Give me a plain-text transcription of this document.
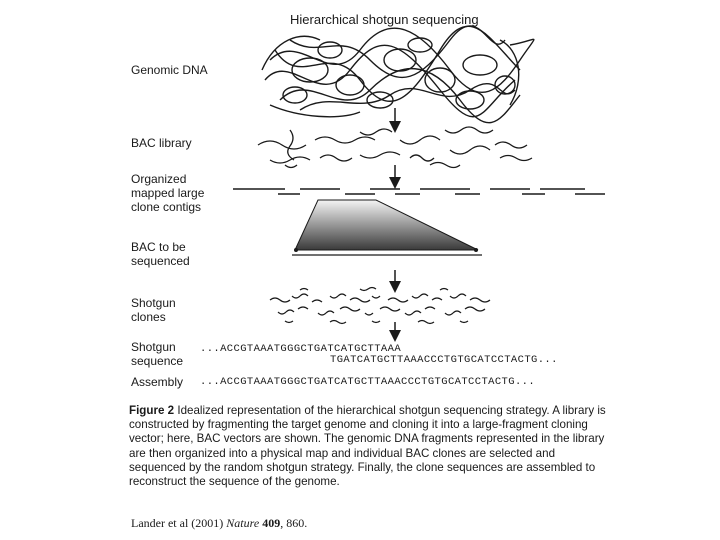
Hierarchical shotgun sequencing
Genomic DNA
BAC library
Organized
mapped large
clone contigs
BAC to be
sequenced
Shotgun
clones
Shotgun
sequence
Assembly
...ACCGTAAATGGGCTGATCATGCTTAAA
TGATCATGCTTAAACCCTGTGCATCCTACTG...
...ACCGTAAATGGGCTGATCATGCTTAAACCCTGTGCATCCTACTG...
Figure 2 Idealized representation of the hierarchical shotgun sequencing strategy. A library is constructed by fragmenting the target genome and cloning it into a large-fragment cloning vector; here, BAC vectors are shown. The genomic DNA fragments represented in the library are then organized into a physical map and individual BAC clones are selected and sequenced by the random shotgun strategy. Finally, the clone sequences are assembled to reconstruct the sequence of the genome.
Lander et al (2001) Nature 409, 860.
